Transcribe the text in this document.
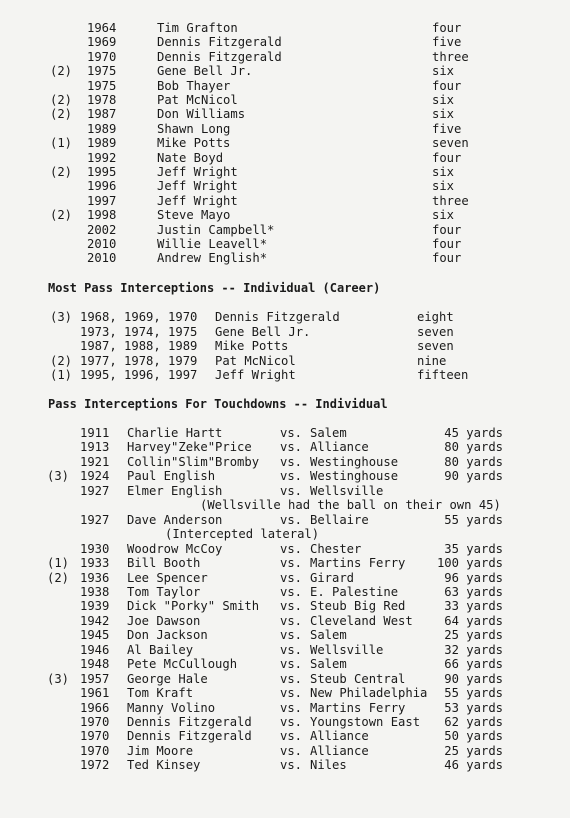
1964	Tim Grafton	four
1969	Dennis Fitzgerald	five
1970	Dennis Fitzgerald	three
(2) 1975	Gene Bell Jr.	six
1975	Bob Thayer	four
(2) 1978	Pat McNicol	six
(2) 1987	Don Williams	six
1989	Shawn Long	five
(1) 1989	Mike Potts	seven
1992	Nate Boyd	four
(2) 1995	Jeff Wright	six
1996	Jeff Wright	six
1997	Jeff Wright	three
(2) 1998	Steve Mayo	six
2002	Justin Campbell*	four
2010	Willie Leavell*	four
2010	Andrew English*	four
Most Pass Interceptions -- Individual (Career)
(3) 1968, 1969, 1970 Dennis Fitzgerald	eight
1973, 1974, 1975 Gene Bell Jr.	seven
1987, 1988, 1989 Mike Potts	seven
(2) 1977, 1978, 1979 Pat McNicol	nine
(1) 1995, 1996, 1997 Jeff Wright	fifteen
Pass Interceptions For Touchdowns -- Individual
1911 Charlie Hartt	vs. Salem	45 yards
1913 Harvey"Zeke"Price vs. Alliance	80 yards
1921 Collin"Slim"Bromby vs. Westinghouse	80 yards
(3) 1924 Paul English	vs. Westinghouse	90 yards
1927 Elmer English	vs. Wellsville
(Wellsville had the ball on their own 45)
1927 Dave Anderson	vs. Bellaire	55 yards
(Intercepted lateral)
1930 Woodrow McCoy	vs. Chester	35 yards
(1) 1933 Bill Booth	vs. Martins Ferry	100 yards
(2) 1936 Lee Spencer	vs. Girard	96 yards
1938 Tom Taylor	vs. E. Palestine	63 yards
1939 Dick "Porky" Smith vs. Steub Big Red	33 yards
1942 Joe Dawson	vs. Cleveland West	64 yards
1945 Don Jackson	vs. Salem	25 yards
1946 Al Bailey	vs. Wellsville	32 yards
1948 Pete McCullough	vs. Salem	66 yards
(3) 1957 George Hale	vs. Steub Central	90 yards
1961 Tom Kraft	vs. New Philadelphia 55 yards
1966 Manny Volino	vs. Martins Ferry	53 yards
1970 Dennis Fitzgerald vs. Youngstown East 62 yards
1970 Dennis Fitzgerald vs. Alliance	50 yards
1970 Jim Moore	vs. Alliance	25 yards
1972 Ted Kinsey	vs. Niles	46 yards
